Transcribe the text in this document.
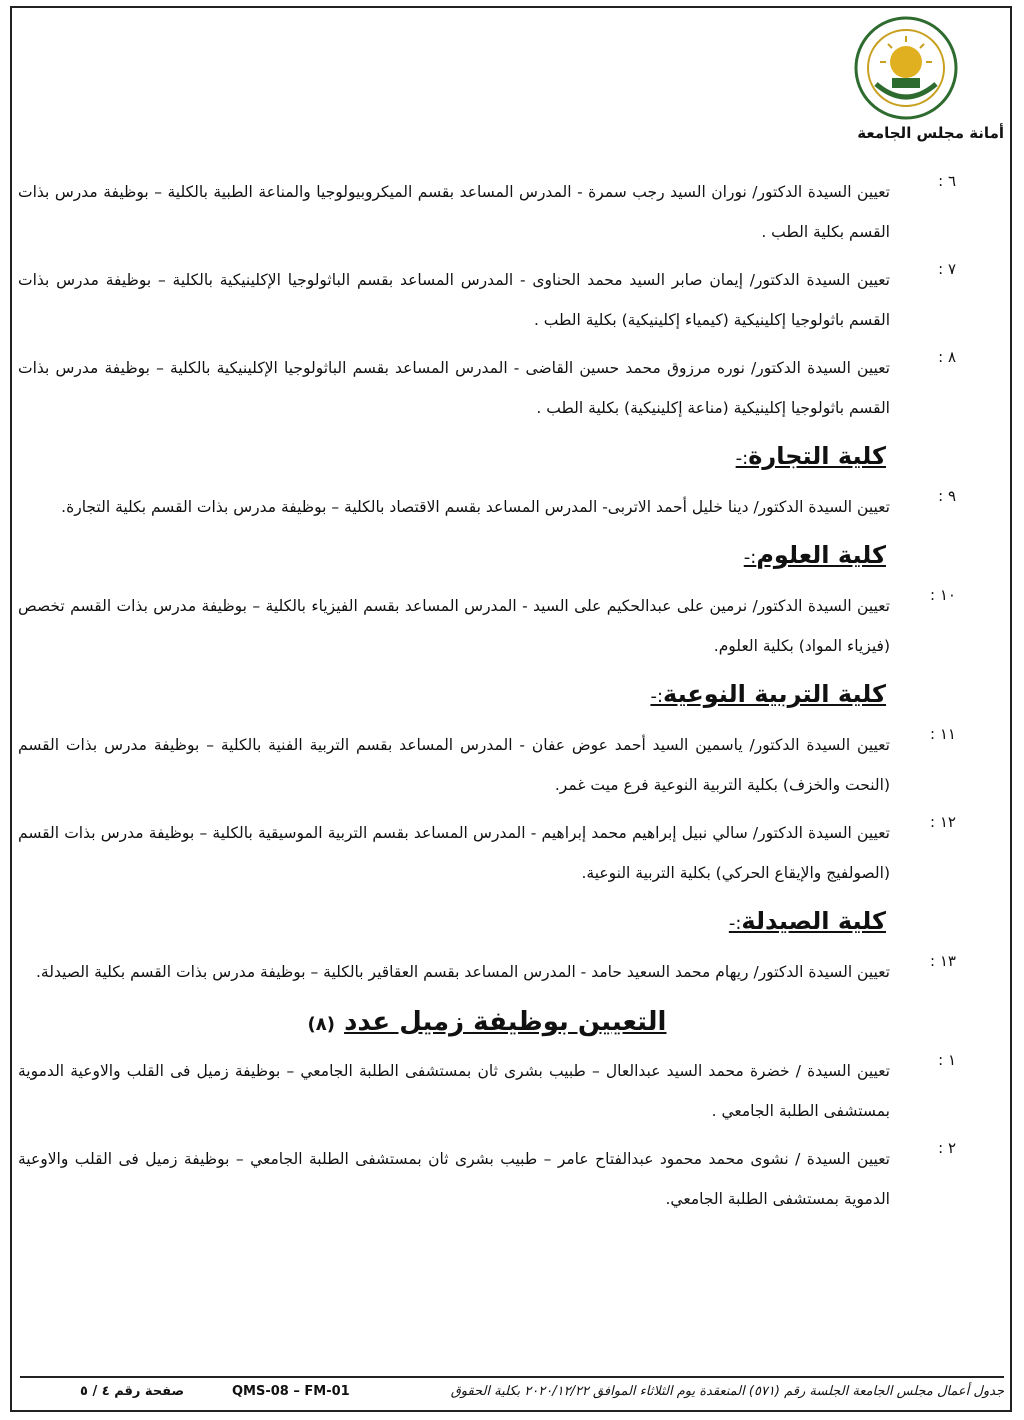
أمانة مجلس الجامعة
٦ :
تعيين السيدة الدكتور/ نوران السيد رجب سمرة - المدرس المساعد بقسم الميكروبيولوجيا والمناعة الطبية بالكلية – بوظيفة مدرس بذات القسم بكلية الطب .
٧ :
تعيين السيدة الدكتور/ إيمان صابر السيد محمد الحناوى - المدرس المساعد بقسم الباثولوجيا الإكلينيكية بالكلية – بوظيفة مدرس بذات القسم باثولوجيا إكلينيكية (كيمياء إكلينيكية) بكلية الطب .
٨ :
تعيين السيدة الدكتور/ نوره مرزوق محمد حسين القاضى - المدرس المساعد بقسم الباثولوجيا الإكلينيكية بالكلية – بوظيفة مدرس بذات القسم باثولوجيا إكلينيكية (مناعة إكلينيكية) بكلية الطب .
كلية التجارة:-
٩ :
تعيين السيدة الدكتور/ دينا خليل أحمد الاتربى- المدرس المساعد بقسم الاقتصاد بالكلية – بوظيفة مدرس بذات القسم بكلية التجارة.
كلية العلوم:-
١٠ :
تعيين السيدة الدكتور/ نرمين على عبدالحكيم على السيد - المدرس المساعد بقسم الفيزياء بالكلية – بوظيفة مدرس بذات القسم تخصص (فيزياء المواد) بكلية العلوم.
كلية التربية النوعية:-
١١ :
تعيين السيدة الدكتور/ ياسمين السيد أحمد عوض عفان - المدرس المساعد بقسم التربية الفنية بالكلية – بوظيفة مدرس بذات القسم (النحت والخزف) بكلية التربية النوعية فرع ميت غمر.
١٢ :
تعيين السيدة الدكتور/ سالي نبيل إبراهيم محمد إبراهيم - المدرس المساعد بقسم التربية الموسيقية بالكلية – بوظيفة مدرس بذات القسم (الصولفيج والإيقاع الحركي) بكلية التربية النوعية.
كلية الصيدلة:-
١٣ :
تعيين السيدة الدكتور/ ريهام محمد السعيد حامد - المدرس المساعد بقسم العقاقير بالكلية – بوظيفة مدرس بذات القسم بكلية الصيدلة.
التعيين بوظيفة زميل عدد (٨)
١ :
تعيين السيدة / خضرة محمد السيد عبدالعال – طبيب بشرى ثان بمستشفى الطلبة الجامعي – بوظيفة زميل فى القلب والاوعية الدموية بمستشفى الطلبة الجامعي .
٢ :
تعيين السيدة / نشوى محمد محمود عبدالفتاح عامر – طبيب بشرى ثان بمستشفى الطلبة الجامعي – بوظيفة زميل فى القلب والاوعية الدموية بمستشفى الطلبة الجامعي.
صفحة رقم ٤ / ٥	QMS-08 – FM-01	جدول أعمال مجلس الجامعة الجلسة رقم (٥٧١) المنعقدة يوم الثلاثاء الموافق ٢٠٢٠/١٢/٢٢ بكلية الحقوق
